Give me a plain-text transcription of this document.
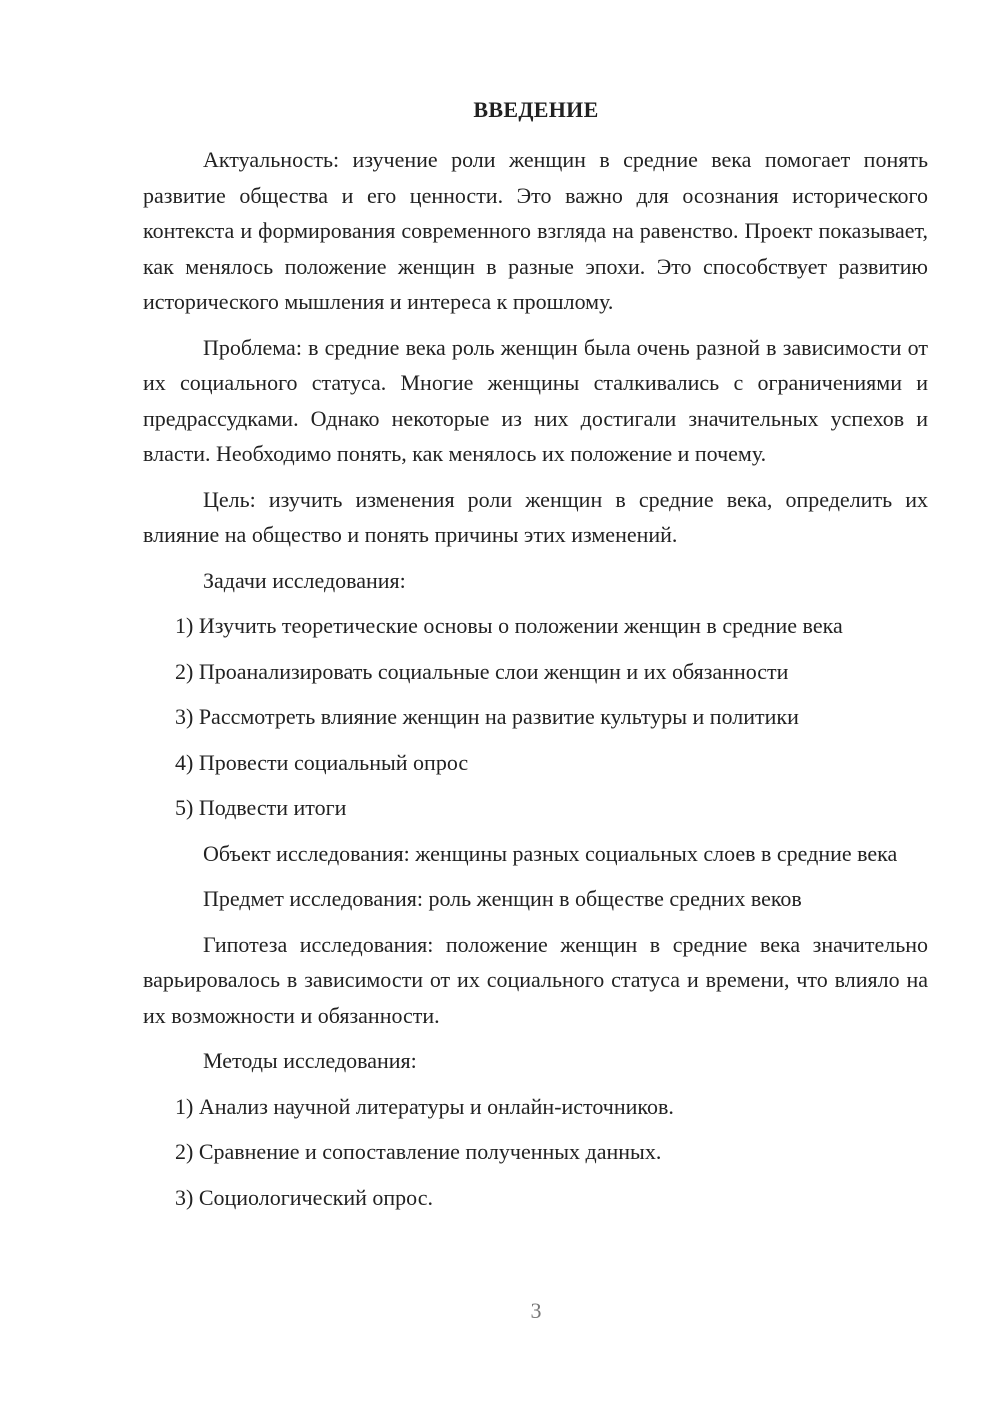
ВВЕДЕНИЕ

Актуальность: изучение роли женщин в средние века помогает понять развитие общества и его ценности. Это важно для осознания исторического контекста и формирования современного взгляда на равенство. Проект показывает, как менялось положение женщин в разные эпохи. Это способствует развитию исторического мышления и интереса к прошлому.

Проблема: в средние века роль женщин была очень разной в зависимости от их социального статуса. Многие женщины сталкивались с ограничениями и предрассудками. Однако некоторые из них достигали значительных успехов и власти. Необходимо понять, как менялось их положение и почему.

Цель: изучить изменения роли женщин в средние века, определить их влияние на общество и понять причины этих изменений.

Задачи исследования:

1) Изучить теоретические основы о положении женщин в средние века
2) Проанализировать социальные слои женщин и их обязанности
3) Рассмотреть влияние женщин на развитие культуры и политики
4) Провести социальный опрос
5) Подвести итоги

Объект исследования: женщины разных социальных слоев в средние века

Предмет исследования: роль женщин в обществе средних веков

Гипотеза исследования: положение женщин в средние века значительно варьировалось в зависимости от их социального статуса и времени, что влияло на их возможности и обязанности.

Методы исследования:

1) Анализ научной литературы и онлайн-источников.
2) Сравнение и сопоставление полученных данных.
3) Социологический опрос.
3
